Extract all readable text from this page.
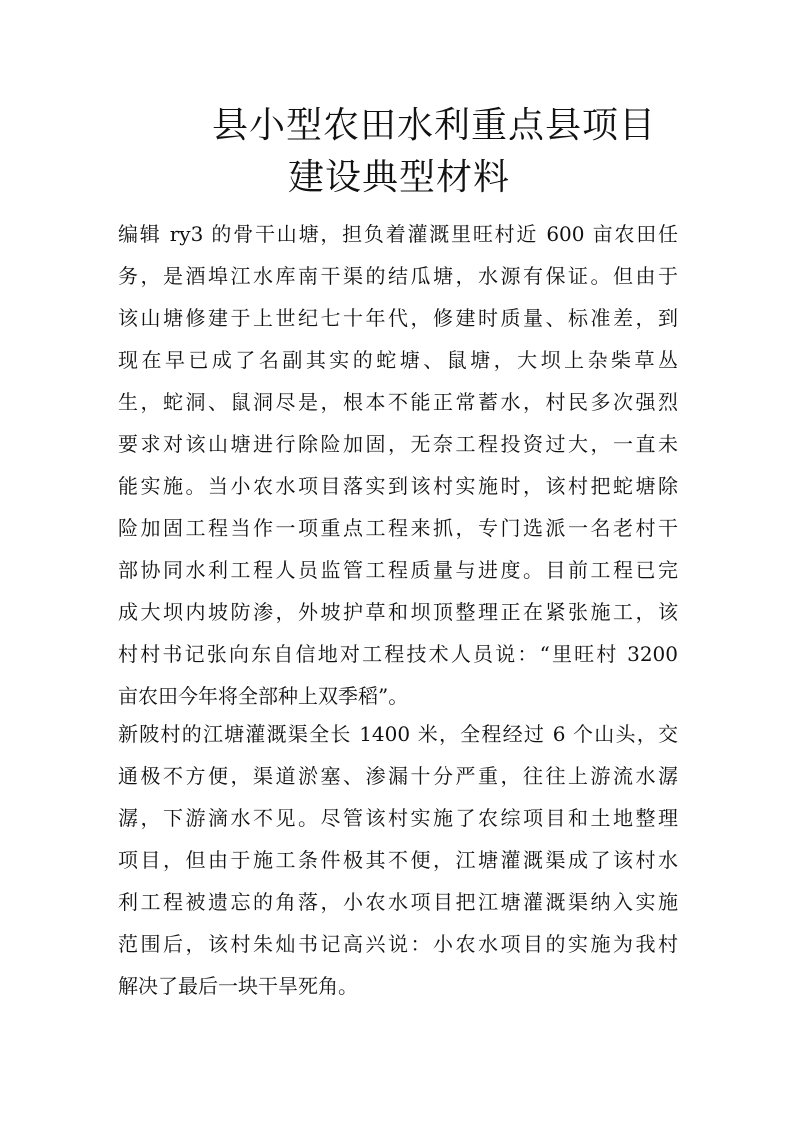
县小型农田水利重点县项目
建设典型材料
编辑 ry3 的骨干山塘，担负着灌溉里旺村近 600 亩农田任
务，是酒埠江水库南干渠的结瓜塘，水源有保证。但由于
该山塘修建于上世纪七十年代，修建时质量、标准差，到
现在早已成了名副其实的蛇塘、鼠塘，大坝上杂柴草丛
生，蛇洞、鼠洞尽是，根本不能正常蓄水，村民多次强烈
要求对该山塘进行除险加固，无奈工程投资过大，一直未
能实施。当小农水项目落实到该村实施时，该村把蛇塘除
险加固工程当作一项重点工程来抓，专门选派一名老村干
部协同水利工程人员监管工程质量与进度。目前工程已完
成大坝内坡防渗，外坡护草和坝顶整理正在紧张施工，该
村村书记张向东自信地对工程技术人员说：“里旺村 3200
亩农田今年将全部种上双季稻”。
新陂村的江塘灌溉渠全长 1400 米，全程经过 6 个山头，交
通极不方便，渠道淤塞、渗漏十分严重，往往上游流水潺
潺，下游滴水不见。尽管该村实施了农综项目和土地整理
项目，但由于施工条件极其不便，江塘灌溉渠成了该村水
利工程被遗忘的角落，小农水项目把江塘灌溉渠纳入实施
范围后，该村朱灿书记高兴说：小农水项目的实施为我村
解决了最后一块干旱死角。
